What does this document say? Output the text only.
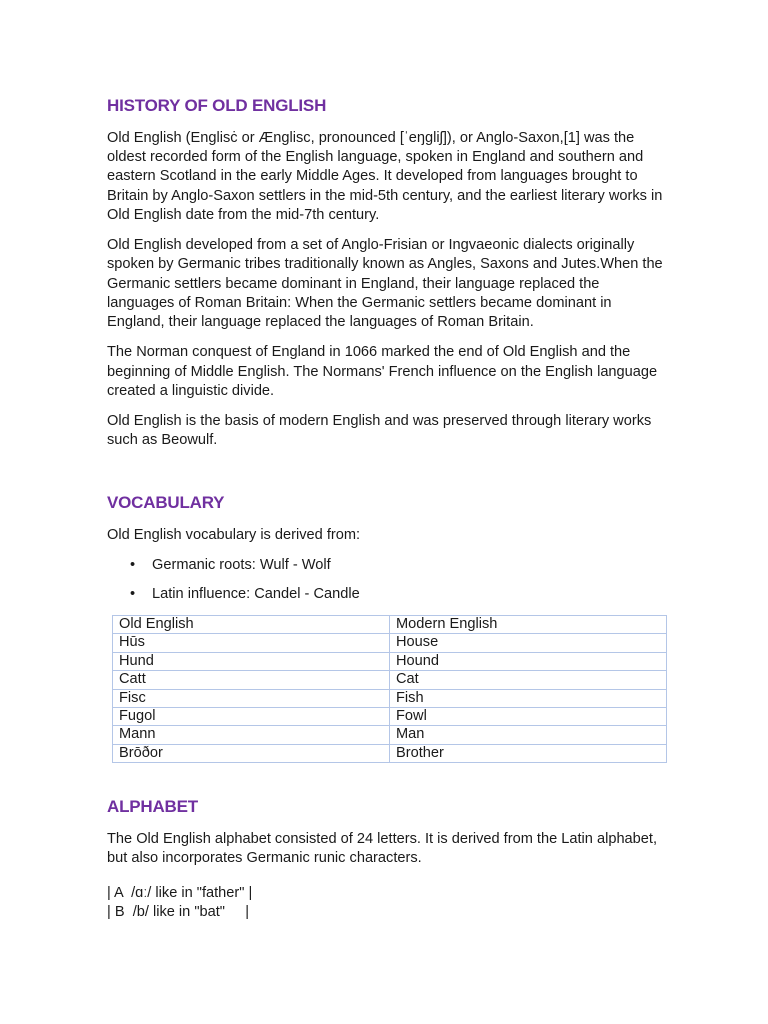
HISTORY OF OLD ENGLISH

Old English (Englisċ or Ænglisc, pronounced [ˈeŋɡliʃ]), or Anglo-Saxon,[1] was the oldest recorded form of the English language, spoken in England and southern and eastern Scotland in the early Middle Ages. It developed from languages brought to Britain by Anglo-Saxon settlers in the mid-5th century, and the earliest literary works in Old English date from the mid-7th century.

Old English developed from a set of Anglo-Frisian or Ingvaeonic dialects originally spoken by Germanic tribes traditionally known as Angles, Saxons and Jutes.When the Germanic settlers became dominant in England, their language replaced the languages of Roman Britain: When the Germanic settlers became dominant in England, their language replaced the languages of Roman Britain.

The Norman conquest of England in 1066 marked the end of Old English and the beginning of Middle English. The Normans' French influence on the English language created a linguistic divide.

Old English is the basis of modern English and was preserved through literary works such as Beowulf.

VOCABULARY

Old English vocabulary is derived from:

• Germanic roots: Wulf - Wolf
• Latin influence: Candel - Candle
Old English	Modern English
Hūs	House
Hund	Hound
Catt	Cat
Fisc	Fish
Fugol	Fowl
Mann	Man
Brōðor	Brother
ALPHABET

The Old English alphabet consisted of 24 letters. It is derived from the Latin alphabet, but also incorporates Germanic runic characters.

| A  /ɑː/ like in "father" |

| B  /b/ like in "bat"     |
